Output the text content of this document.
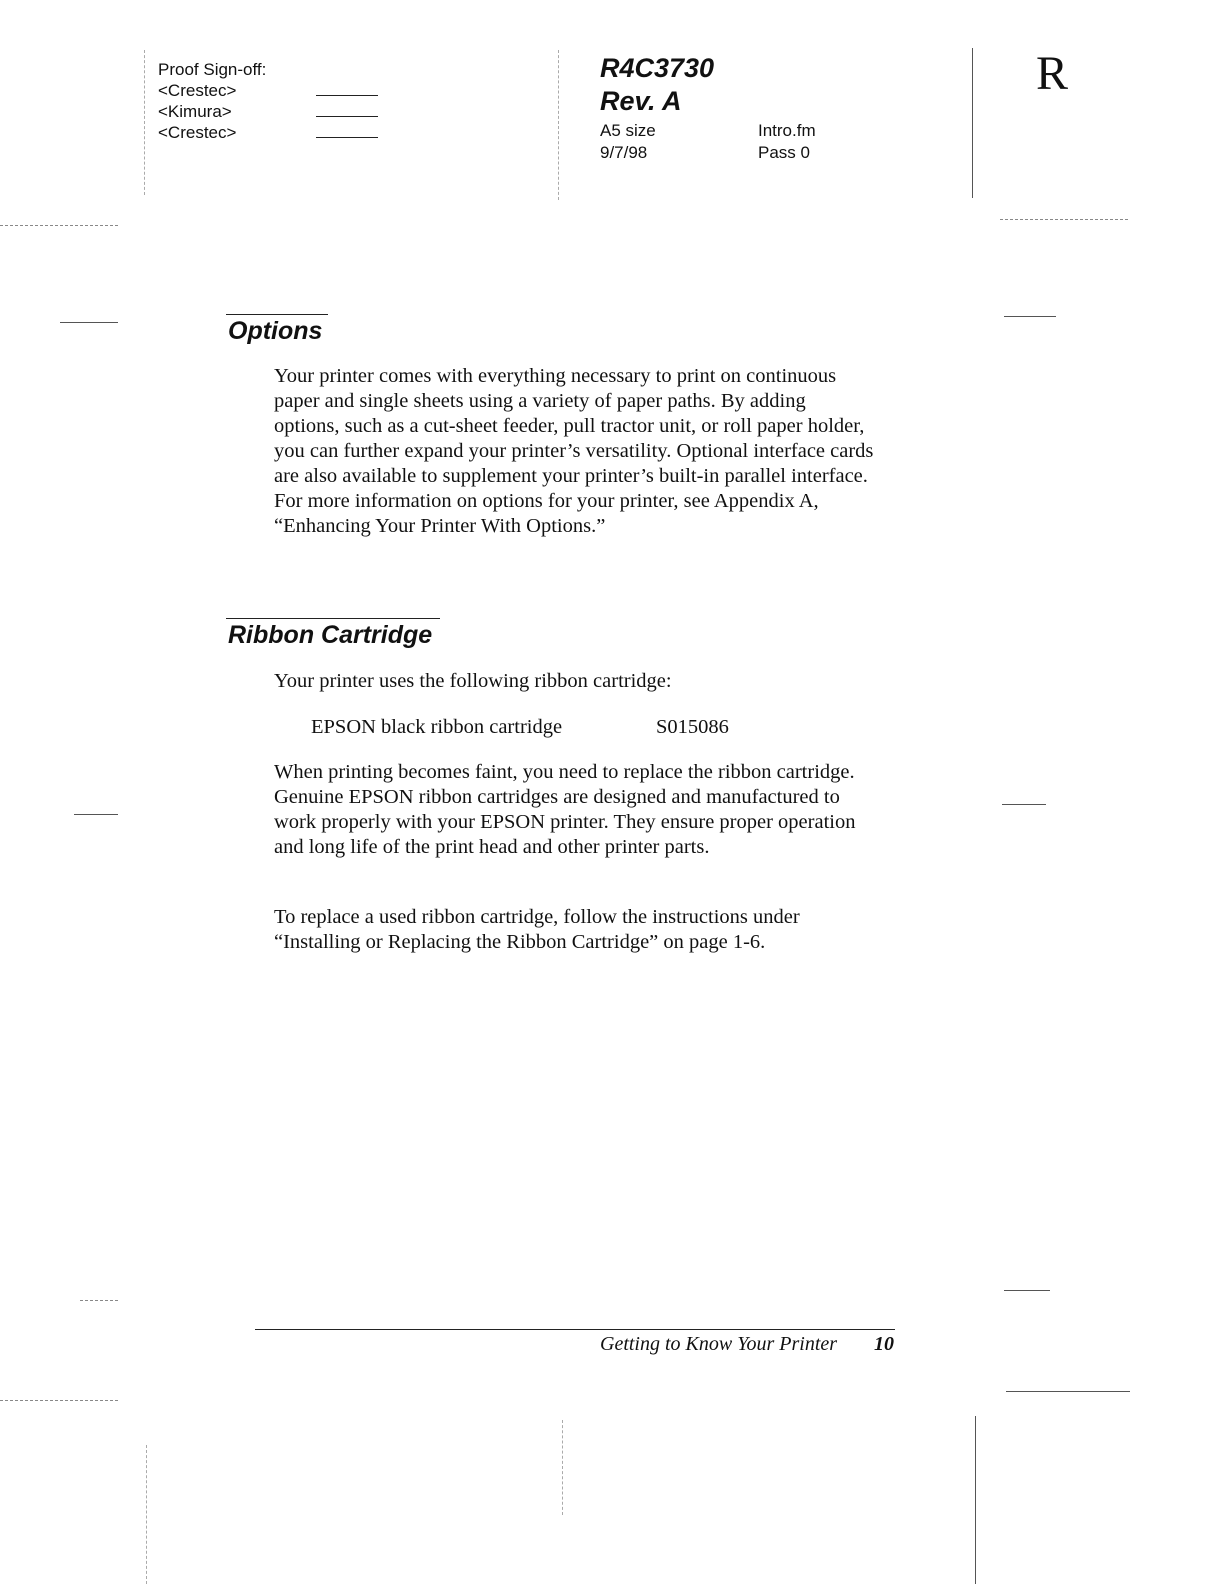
Proof Sign-off:
<Crestec>
<Kimura>
<Crestec>
R4C3730
Rev. A
A5 size	Intro.fm
9/7/98	Pass 0
R
Options

Your printer comes with everything necessary to print on continuous paper and single sheets using a variety of paper paths. By adding options, such as a cut-sheet feeder, pull tractor unit, or roll paper holder, you can further expand your printer’s versatility. Optional interface cards are also available to supplement your printer’s built-in parallel interface. For more information on options for your printer, see Appendix A, “Enhancing Your Printer With Options.”

Ribbon Cartridge

Your printer uses the following ribbon cartridge:

EPSON black ribbon cartridge	S015086

When printing becomes faint, you need to replace the ribbon cartridge. Genuine EPSON ribbon cartridges are designed and manufactured to work properly with your EPSON printer. They ensure proper operation and long life of the print head and other printer parts.

To replace a used ribbon cartridge, follow the instructions under “Installing or Replacing the Ribbon Cartridge” on page 1-6.

Getting to Know Your Printer 10
